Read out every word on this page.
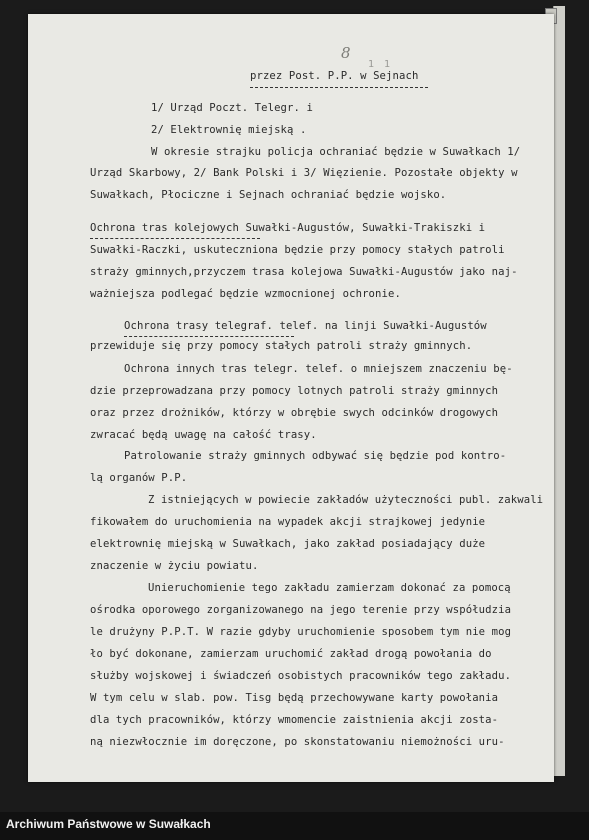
8
1 1
przez Post. P.P. w Sejnach
1/ Urząd Poczt. Telegr. i
2/ Elektrownię miejską .
W okresie strajku policja ochraniać będzie w Suwałkach 1/
Urząd Skarbowy, 2/ Bank Polski i 3/ Więzienie. Pozostałe objekty w
Suwałkach, Płociczne i Sejnach ochraniać będzie wojsko.
Ochrona tras kolejowych Suwałki-Augustów, Suwałki-Trakiszki i
Suwałki-Raczki, uskuteczniona będzie przy pomocy stałych patroli
straży gminnych,przyczem trasa kolejowa Suwałki-Augustów jako naj-
ważniejsza podlegać będzie wzmocnionej ochronie.
Ochrona trasy telegraf. telef. na linji Suwałki-Augustów
przewiduje się przy pomocy stałych patroli straży gminnych.
Ochrona innych tras telegr. telef. o mniejszem znaczeniu bę-
dzie przeprowadzana przy pomocy lotnych patroli straży gminnych
oraz przez drożników, którzy w obrębie swych odcinków drogowych
zwracać będą uwagę na całość trasy.
Patrolowanie straży gminnych odbywać się będzie pod kontro-
lą organów P.P.
Z istniejących w powiecie zakładów użyteczności publ. zakwali
fikowałem do uruchomienia na wypadek akcji strajkowej jedynie
elektrownię miejską w Suwałkach, jako zakład posiadający duże
znaczenie w życiu powiatu.
Unieruchomienie tego zakładu zamierzam dokonać za pomocą
ośrodka oporowego zorganizowanego na jego terenie przy współudzia
le drużyny P.P.T. W razie gdyby uruchomienie sposobem tym nie mog
ło być dokonane, zamierzam uruchomić zakład drogą powołania do
służby wojskowej i świadczeń osobistych pracowników tego zakładu.
W tym celu w slab. pow. Tisg będą przechowywane karty powołania
dla tych pracowników, którzy wmomencie zaistnienia akcji zosta-
ną niezwłocznie im doręczone, po skonstatowaniu niemożności uru-
Archiwum Państwowe w Suwałkach
